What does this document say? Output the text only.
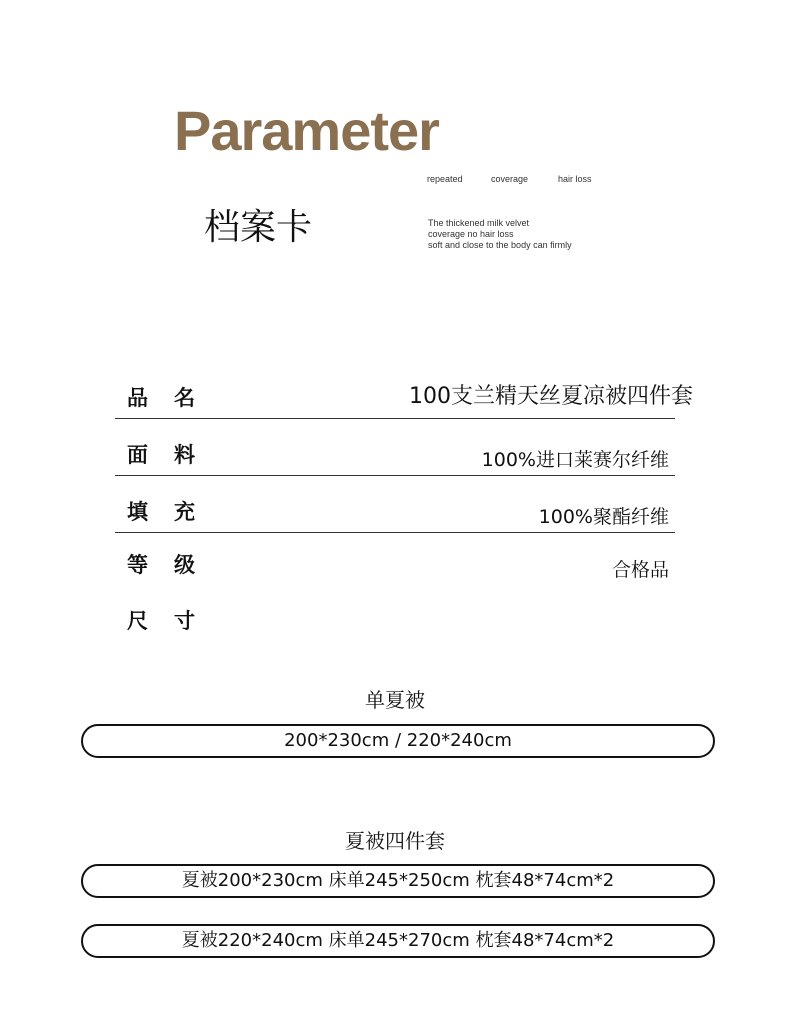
Parameter
repeated	coverage	hair loss
档案卡	The thickened milk velvet
coverage no hair loss
soft and close to the body can firmly
品名	100支兰精天丝夏凉被四件套
面料	100%进口莱赛尔纤维
填充	100%聚酯纤维
等级	合格品
尺寸
单夏被
200*230cm / 220*240cm
夏被四件套
夏被200*230cm 床单245*250cm 枕套48*74cm*2
夏被220*240cm 床单245*270cm 枕套48*74cm*2
